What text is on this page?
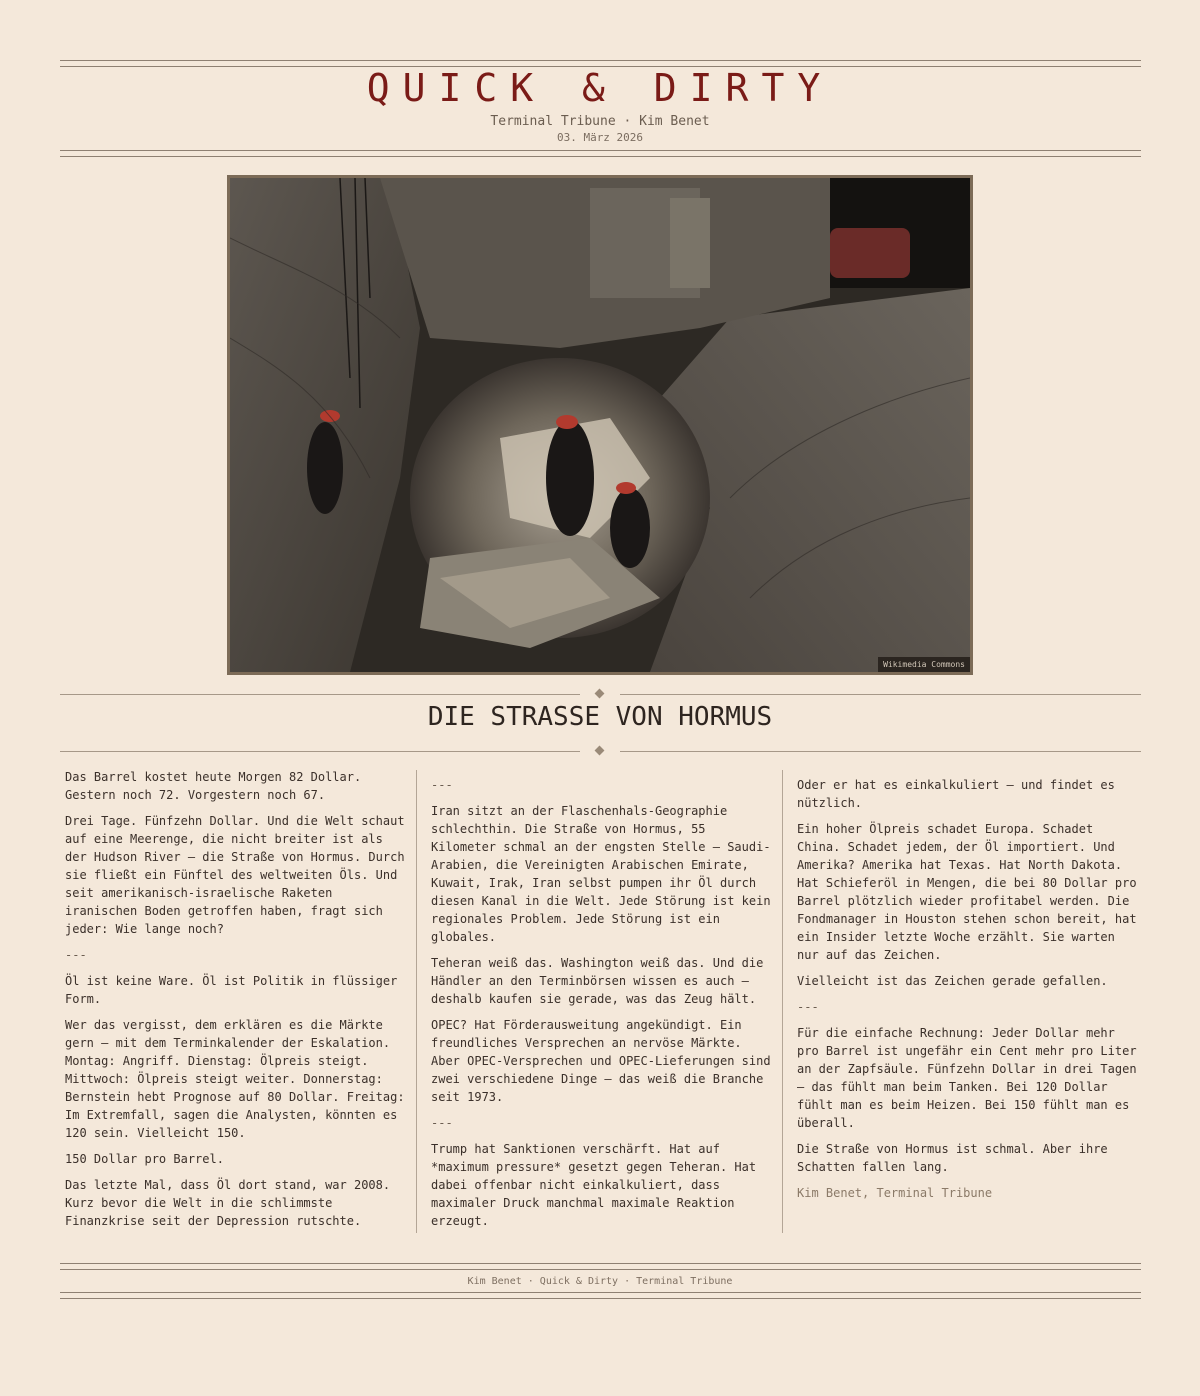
QUICK & DIRTY
Terminal Tribune · Kim Benet
03. März 2026
Wikimedia Commons
DIE STRASSE VON HORMUS

Das Barrel kostet heute Morgen 82 Dollar. Gestern noch 72. Vorgestern noch 67.

Drei Tage. Fünfzehn Dollar. Und die Welt schaut auf eine Meerenge, die nicht breiter ist als der Hudson River — die Straße von Hormus. Durch sie fließt ein Fünftel des weltweiten Öls. Und seit amerikanisch-israelische Raketen iranischen Boden getroffen haben, fragt sich jeder: Wie lange noch?

---

Öl ist keine Ware. Öl ist Politik in flüssiger Form.

Wer das vergisst, dem erklären es die Märkte gern — mit dem Terminkalender der Eskalation. Montag: Angriff. Dienstag: Ölpreis steigt. Mittwoch: Ölpreis steigt weiter. Donnerstag: Bernstein hebt Prognose auf 80 Dollar. Freitag: Im Extremfall, sagen die Analysten, könnten es 120 sein. Vielleicht 150.

150 Dollar pro Barrel.

Das letzte Mal, dass Öl dort stand, war 2008. Kurz bevor die Welt in die schlimmste Finanzkrise seit der Depression rutschte.

---

Iran sitzt an der Flaschenhals-Geographie schlechthin. Die Straße von Hormus, 55 Kilometer schmal an der engsten Stelle — Saudi-Arabien, die Vereinigten Arabischen Emirate, Kuwait, Irak, Iran selbst pumpen ihr Öl durch diesen Kanal in die Welt. Jede Störung ist kein regionales Problem. Jede Störung ist ein globales.

Teheran weiß das. Washington weiß das. Und die Händler an den Terminbörsen wissen es auch — deshalb kaufen sie gerade, was das Zeug hält.

OPEC? Hat Förderausweitung angekündigt. Ein freundliches Versprechen an nervöse Märkte. Aber OPEC-Versprechen und OPEC-Lieferungen sind zwei verschiedene Dinge — das weiß die Branche seit 1973.

---

Trump hat Sanktionen verschärft. Hat auf *maximum pressure* gesetzt gegen Teheran. Hat dabei offenbar nicht einkalkuliert, dass maximaler Druck manchmal maximale Reaktion erzeugt.

Oder er hat es einkalkuliert — und findet es nützlich.

Ein hoher Ölpreis schadet Europa. Schadet China. Schadet jedem, der Öl importiert. Und Amerika? Amerika hat Texas. Hat North Dakota. Hat Schieferöl in Mengen, die bei 80 Dollar pro Barrel plötzlich wieder profitabel werden. Die Fondmanager in Houston stehen schon bereit, hat ein Insider letzte Woche erzählt. Sie warten nur auf das Zeichen.

Vielleicht ist das Zeichen gerade gefallen.

---

Für die einfache Rechnung: Jeder Dollar mehr pro Barrel ist ungefähr ein Cent mehr pro Liter an der Zapfsäule. Fünfzehn Dollar in drei Tagen — das fühlt man beim Tanken. Bei 120 Dollar fühlt man es beim Heizen. Bei 150 fühlt man es überall.

Die Straße von Hormus ist schmal. Aber ihre Schatten fallen lang.

Kim Benet, Terminal Tribune

Kim Benet · Quick & Dirty · Terminal Tribune
